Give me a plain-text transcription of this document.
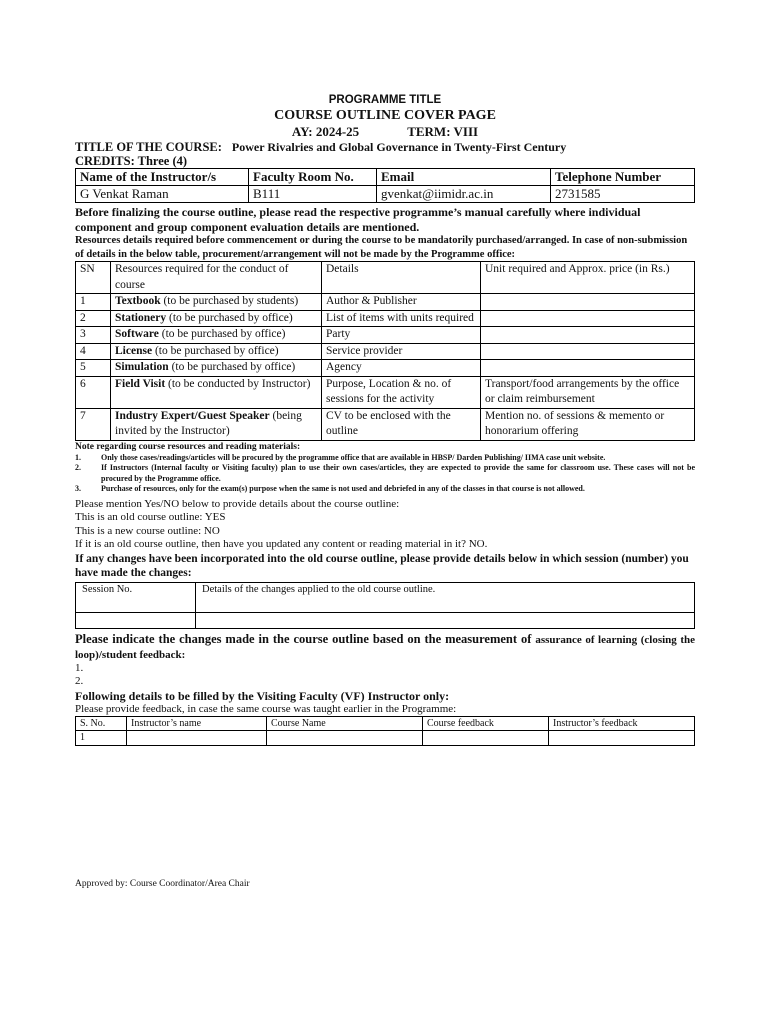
PROGRAMME TITLE
COURSE OUTLINE COVER PAGE
AY: 2024-25	TERM: VIII
TITLE OF THE COURSE: Power Rivalries and Global Governance in Twenty-First Century
CREDITS: Three (4)
Name of the Instructor/s	Faculty Room No.	Email	Telephone Number
G Venkat Raman	B111	gvenkat@iimidr.ac.in	2731585

Before finalizing the course outline, please read the respective programme’s manual carefully where individual component and group component evaluation details are mentioned.

Resources details required before commencement or during the course to be mandatorily purchased/arranged. In case of non-submission of details in the below table, procurement/arrangement will not be made by the Programme office:

SN	Resources required for the conduct of course	Details	Unit required and Approx. price (in Rs.)
1	Textbook (to be purchased by students)	Author & Publisher	
2	Stationery (to be purchased by office)	List of items with units required	
3	Software (to be purchased by office)	Party	
4	License (to be purchased by office)	Service provider	
5	Simulation (to be purchased by office)	Agency	
6	Field Visit (to be conducted by Instructor)	Purpose, Location & no. of sessions for the activity	Transport/food arrangements by the office or claim reimbursement
7	Industry Expert/Guest Speaker (being invited by the Instructor)	CV to be enclosed with the outline	Mention no. of sessions & memento or honorarium offering
Note regarding course resources and reading materials:
1.	Only those cases/readings/articles will be procured by the programme office that are available in HBSP/ Darden Publishing/ IIMA case unit website.
2.	If Instructors (Internal faculty or Visiting faculty) plan to use their own cases/articles, they are expected to provide the same for classroom use. These cases will not be procured by the Programme office.
3.	Purchase of resources, only for the exam(s) purpose when the same is not used and debriefed in any of the classes in that course is not allowed.
Please mention Yes/NO below to provide details about the course outline:
This is an old course outline: YES
This is a new course outline: NO
If it is an old course outline, then have you updated any content or reading material in it? NO.
If any changes have been incorporated into the old course outline, please provide details below in which session (number) you have made the changes:
Session No.	Details of the changes applied to the old course outline.

Please indicate the changes made in the course outline based on the measurement of assurance of learning (closing the loop)/student feedback:
1.
2.
Following details to be filled by the Visiting Faculty (VF) Instructor only:
Please provide feedback, in case the same course was taught earlier in the Programme:
S. No.	Instructor’s name	Course Name	Course feedback	Instructor’s feedback
1				
Approved by: Course Coordinator/Area Chair
